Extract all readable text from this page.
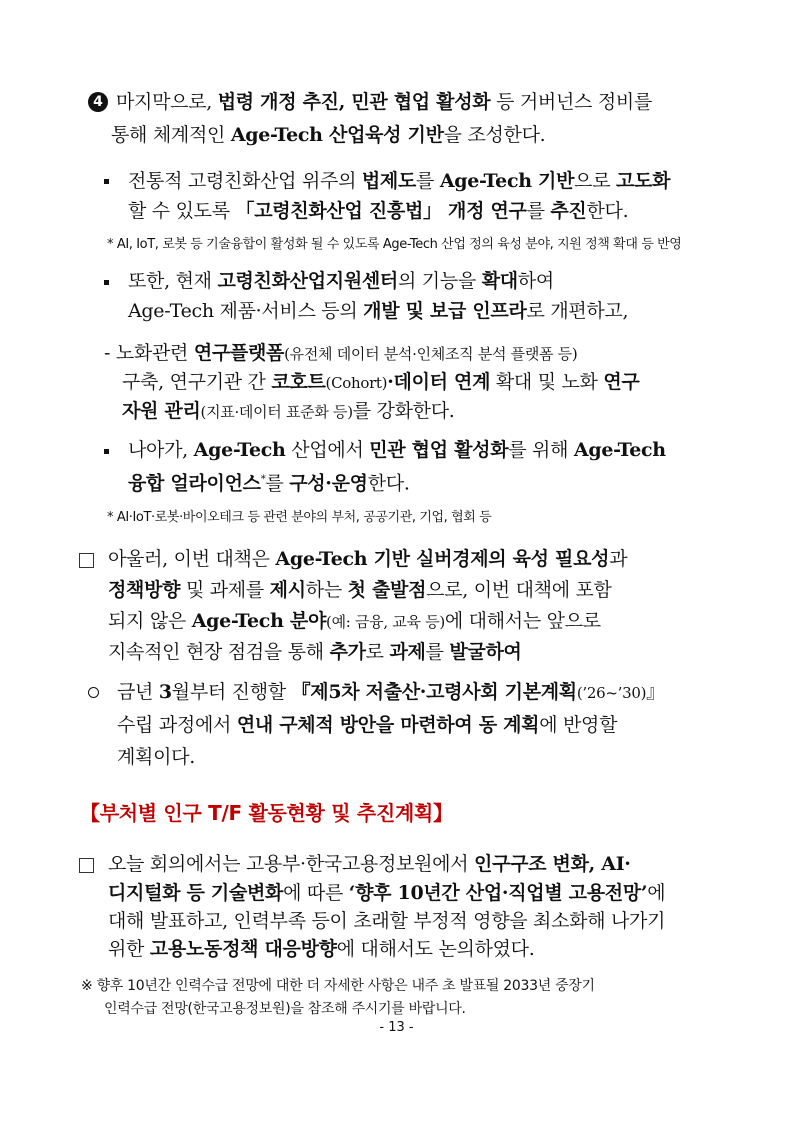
4 마지막으로, 법령 개정 추진, 민관 협업 활성화 등 거버넌스 정비를
통해 체계적인 Age-Tech 산업육성 기반을 조성한다.
전통적 고령친화산업 위주의 법제도를 Age-Tech 기반으로 고도화
할 수 있도록 「고령친화산업 진흥법」 개정 연구를 추진한다.
* AI, IoT, 로봇 등 기술융합이 활성화 될 수 있도록 Age-Tech 산업 정의 육성 분야, 지원 정책 확대 등 반영
또한, 현재 고령친화산업지원센터의 기능을 확대하여
Age-Tech 제품·서비스 등의 개발 및 보급 인프라로 개편하고,
- 노화관련 연구플랫폼(유전체 데이터 분석·인체조직 분석 플랫폼 등)
구축, 연구기관 간 코호트(Cohort)·데이터 연계 확대 및 노화 연구
자원 관리(지표·데이터 표준화 등)를 강화한다.
나아가, Age-Tech 산업에서 민관 협업 활성화를 위해 Age-Tech
융합 얼라이언스*를 구성·운영한다.
* AI·IoT·로봇·바이오테크 등 관련 분야의 부처, 공공기관, 기업, 협회 등
아울러, 이번 대책은 Age-Tech 기반 실버경제의 육성 필요성과
정책방향 및 과제를 제시하는 첫 출발점으로, 이번 대책에 포함
되지 않은 Age-Tech 분야(예: 금융, 교육 등)에 대해서는 앞으로
지속적인 현장 점검을 통해 추가로 과제를 발굴하여
금년 3월부터 진행할 『제5차 저출산·고령사회 기본계획(’26~’30)』
수립 과정에서 연내 구체적 방안을 마련하여 동 계획에 반영할
계획이다.
【부처별 인구 T/F 활동현황 및 추진계획】
오늘 회의에서는 고용부·한국고용정보원에서 인구구조 변화, AI·
디지털화 등 기술변화에 따른 ‘향후 10년간 산업·직업별 고용전망’에
대해 발표하고, 인력부족 등이 초래할 부정적 영향을 최소화해 나가기
위한 고용노동정책 대응방향에 대해서도 논의하였다.
※ 향후 10년간 인력수급 전망에 대한 더 자세한 사항은 내주 초 발표될 2033년 중장기
인력수급 전망(한국고용정보원)을 참조해 주시기를 바랍니다.
- 13 -
